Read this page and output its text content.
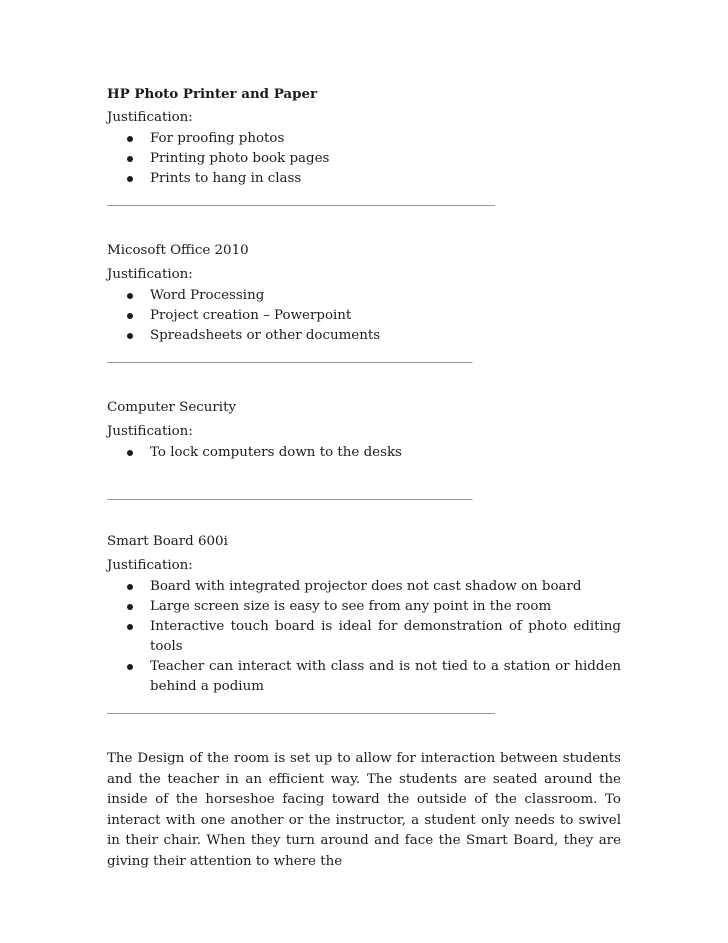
HP Photo Printer and Paper
Justification:
For proofing photos
Printing photo book pages
Prints to hang in class
______________________________________________________________________________________
Micosoft Office 2010
Justification:
Word Processing
Project creation – Powerpoint
Spreadsheets or other documents
_________________________________________________________________________________
Computer Security
Justification:
To lock computers down to the desks
_________________________________________________________________________________
Smart Board 600i
Justification:
Board with integrated projector does not cast shadow on board
Large screen size is easy to see from any point in the room
Interactive touch board is ideal for demonstration of photo editing tools
Teacher can interact with class and is not tied to a station or hidden behind a podium
______________________________________________________________________________________

The Design of the room is set up to allow for interaction between students and the teacher in an efficient way. The students are seated around the inside of the horseshoe facing toward the outside of the classroom. To interact with one another or the instructor, a student only needs to swivel in their chair. When they turn around and face the Smart Board, they are giving their attention to where the
